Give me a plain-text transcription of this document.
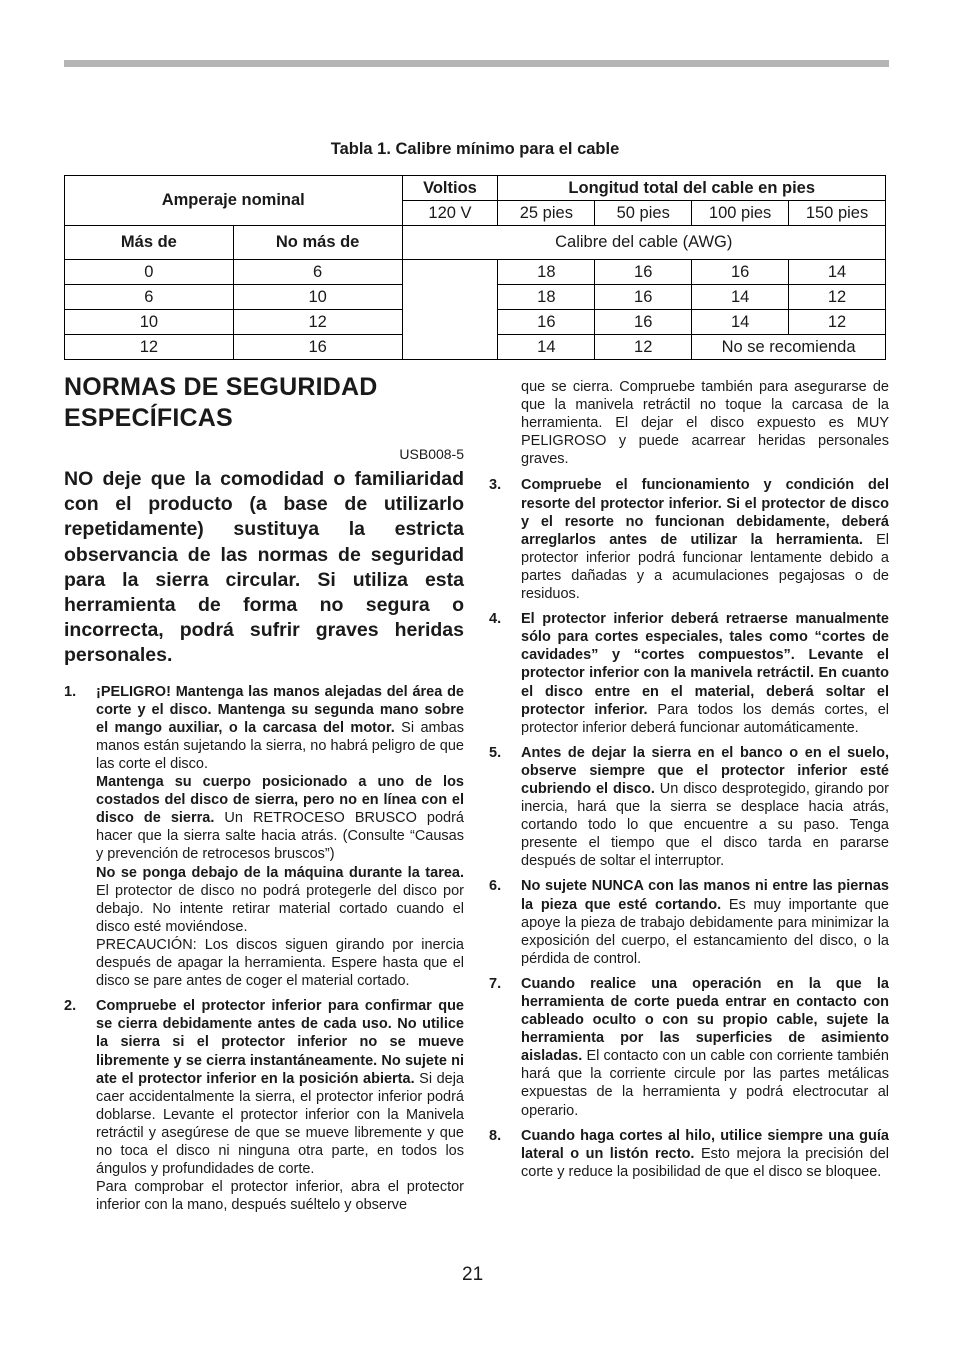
Tabla 1. Calibre mínimo para el cable
Amperaje nominal		Voltios	Longitud total del cable en pies			
		120 V	25 pies	50 pies	100 pies	150 pies
Más de	No más de	Calibre del cable (AWG)				
0	6		18	16	16	14
6	10		18	16	14	12
10	12		16	16	14	12
12	16		14	12	No se recomienda	
NORMAS DE SEGURIDAD
ESPECÍFICAS
USB008-5

NO deje que la comodidad o familiaridad con el producto (a base de utilizarlo repetidamente) sustituya la estricta observancia de las normas de seguridad para la sierra circular. Si utiliza esta herramienta de forma no segura o incorrecta, podrá sufrir graves heridas personales.

1. ¡PELIGRO! Mantenga las manos alejadas del área de corte y el disco. Mantenga su segunda mano sobre el mango auxiliar, o la carcasa del motor. Si ambas manos están sujetando la sierra, no habrá peligro de que las corte el disco.

Mantenga su cuerpo posicionado a uno de los costados del disco de sierra, pero no en línea con el disco de sierra. Un RETROCESO BRUSCO podrá hacer que la sierra salte hacia atrás. (Consulte “Causas y prevención de retrocesos bruscos”)

No se ponga debajo de la máquina durante la tarea. El protector de disco no podrá protegerle del disco por debajo. No intente retirar material cortado cuando el disco esté moviéndose.

PRECAUCIÓN: Los discos siguen girando por inercia después de apagar la herramienta. Espere hasta que el disco se pare antes de coger el material cortado.

2. Compruebe el protector inferior para confirmar que se cierra debidamente antes de cada uso. No utilice la sierra si el protector inferior no se mueve libremente y se cierra instantáneamente. No sujete ni ate el protector inferior en la posición abierta. Si deja caer accidentalmente la sierra, el protector inferior podrá doblarse. Levante el protector inferior con la Manivela retráctil y asegúrese de que se mueve libremente y que no toca el disco ni ninguna otra parte, en todos los ángulos y profundidades de corte.

Para comprobar el protector inferior, abra el protector inferior con la mano, después suéltelo y observe

que se cierra. Compruebe también para asegurarse de que la manivela retráctil no toque la carcasa de la herramienta. El dejar el disco expuesto es MUY PELIGROSO y puede acarrear heridas personales graves.

3. Compruebe el funcionamiento y condición del resorte del protector inferior. Si el protector de disco y el resorte no funcionan debidamente, deberá arreglarlos antes de utilizar la herramienta. El protector inferior podrá funcionar lentamente debido a partes dañadas y a acumulaciones pegajosas o de residuos.

4. El protector inferior deberá retraerse manualmente sólo para cortes especiales, tales como “cortes de cavidades” y “cortes compuestos”. Levante el protector inferior con la manivela retráctil. En cuanto el disco entre en el material, deberá soltar el protector inferior. Para todos los demás cortes, el protector inferior deberá funcionar automáticamente.

5. Antes de dejar la sierra en el banco o en el suelo, observe siempre que el protector inferior esté cubriendo el disco. Un disco desprotegido, girando por inercia, hará que la sierra se desplace hacia atrás, cortando todo lo que encuentre a su paso. Tenga presente el tiempo que el disco tarda en pararse después de soltar el interruptor.

6. No sujete NUNCA con las manos ni entre las piernas la pieza que esté cortando. Es muy importante que apoye la pieza de trabajo debidamente para minimizar la exposición del cuerpo, el estancamiento del disco, o la pérdida de control.

7. Cuando realice una operación en la que la herramienta de corte pueda entrar en contacto con cableado oculto o con su propio cable, sujete la herramienta por las superficies de asimiento aisladas. El contacto con un cable con corriente también hará que la corriente circule por las partes metálicas expuestas de la herramienta y podrá electrocutar al operario.

8. Cuando haga cortes al hilo, utilice siempre una guía lateral o un listón recto. Esto mejora la precisión del corte y reduce la posibilidad de que el disco se bloquee.

21
